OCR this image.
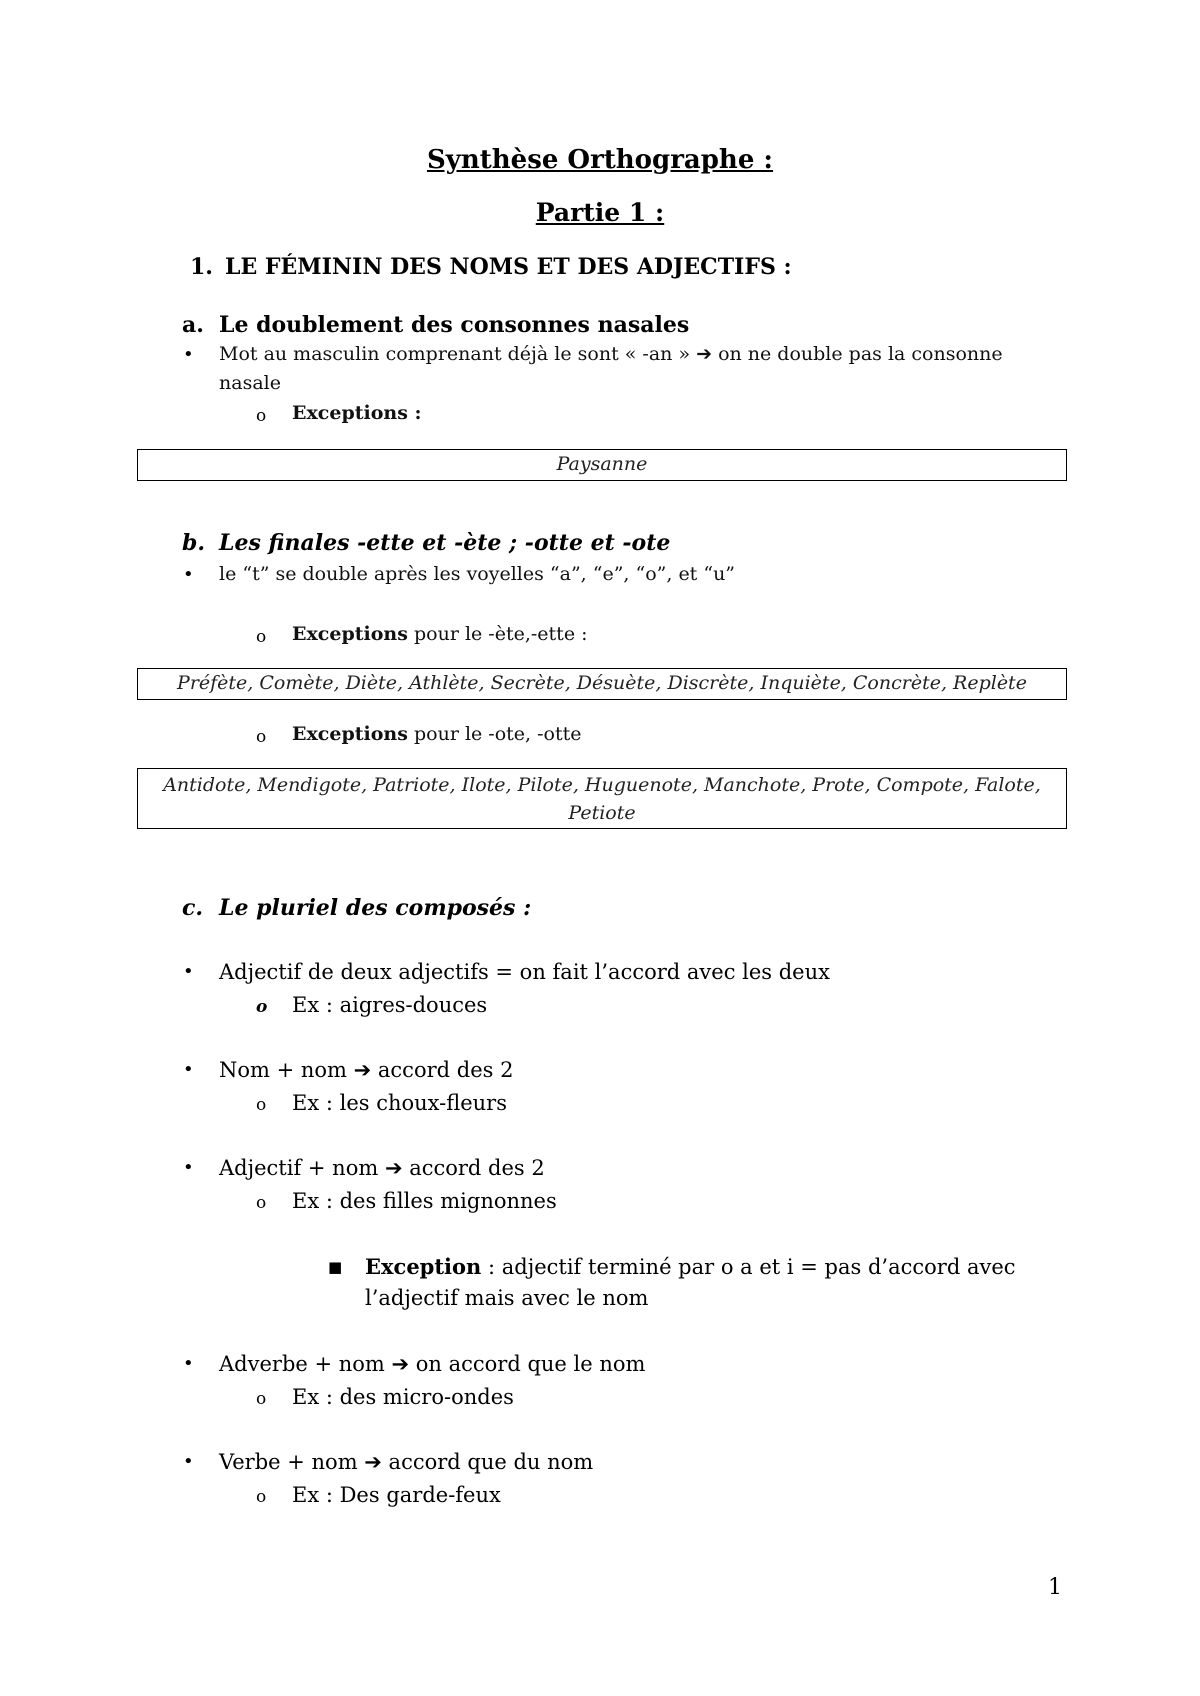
Synthèse Orthographe :
Partie 1 :
1. LE FÉMININ DES NOMS ET DES ADJECTIFS :
a. Le doublement des consonnes nasales
• Mot au masculin comprenant déjà le sont « -an » ➔ on ne double pas la consonne
nasale
o Exceptions :
Paysanne
b. Les finales -ette et -ète ; -otte et -ote
• le “t” se double après les voyelles “a”, “e”, “o”, et “u”
o Exceptions pour le -ète,-ette :
Préfète, Comète, Diète, Athlète, Secrète, Désuète, Discrète, Inquiète, Concrète, Replète
o Exceptions pour le -ote, -otte
Antidote, Mendigote, Patriote, Ilote, Pilote, Huguenote, Manchote, Prote, Compote, Falote, Petiote
c. Le pluriel des composés :
• Adjectif de deux adjectifs = on fait l’accord avec les deux
o Ex : aigres-douces
• Nom + nom ➔ accord des 2
o Ex : les choux-fleurs
• Adjectif + nom ➔ accord des 2
o Ex : des filles mignonnes
■ Exception : adjectif terminé par o a et i = pas d’accord avec
l’adjectif mais avec le nom
• Adverbe + nom ➔ on accord que le nom
o Ex : des micro-ondes
• Verbe + nom ➔ accord que du nom
o Ex : Des garde-feux
1
